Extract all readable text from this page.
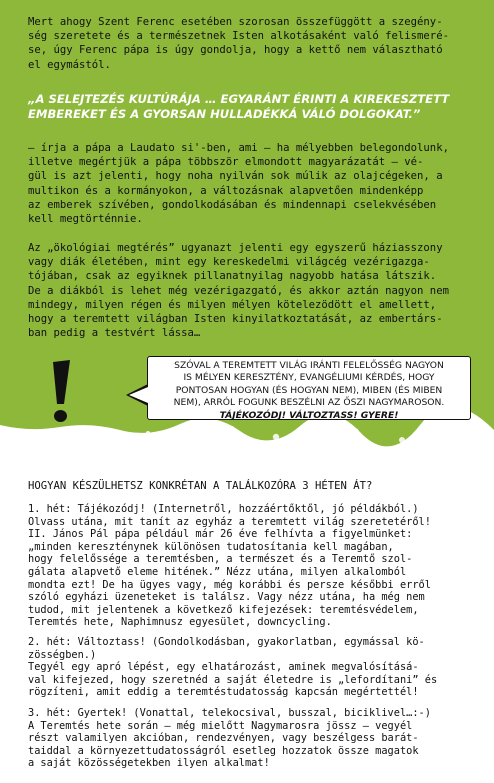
Mert ahogy Szent Ferenc esetében szorosan összefüggött a szegény-
ség szeretete és a természetnek Isten alkotásaként való felismeré-
se, úgy Ferenc pápa is úgy gondolja, hogy a kettő nem választható
el egymástól.

„A SELEJTEZÉS KULTÚRÁJA … EGYARÁNT ÉRINTI A KIREKESZTETT
EMBEREKET ÉS A GYORSAN HULLADÉKKÁ VÁLÓ DOLGOKAT.”

– írja a pápa a Laudato si'-ben, ami – ha mélyebben belegondolunk,
illetve megértjük a pápa többször elmondott magyarázatát – vé-
gül is azt jelenti, hogy noha nyilván sok múlik az olajcégeken, a
multikon és a kormányokon, a változásnak alapvetően mindenképp
az emberek szívében, gondolkodásában és mindennapi cselekvésében
kell megtörténnie.

Az „ökológiai megtérés” ugyanazt jelenti egy egyszerű háziasszony
vagy diák életében, mint egy kereskedelmi világcég vezérigazga-
tójában, csak az egyiknek pillanatnyilag nagyobb hatása látszik.
De a diákból is lehet még vezérigazgató, és akkor aztán nagyon nem
mindegy, milyen régen és milyen mélyen kötelezödött el amellett,
hogy a teremtett világban Isten kinyilatkoztatását, az embertárs-
ban pedig a testvért lássa…

SZÓVAL A TEREMTETT VILÁG IRÁNTI FELELŐSSÉG NAGYON
IS MÉLYEN KERESZTÉNY, EVANGÉLIUMI KÉRDÉS, HOGY
PONTOSAN HOGYAN (ÉS HOGYAN NEM), MIBEN (ÉS MIBEN
NEM), ARRÓL FOGUNK BESZÉLNI AZ ŐSZI NAGYMAROSON.
TÁJÉKOZÓDJ! VÁLTOZTASS! GYERE!

HOGYAN KÉSZÜLHETSZ KONKRÉTAN A TALÁLKOZÓRA 3 HÉTEN ÁT?

1. hét: Tájékozódj! (Internetről, hozzáértőktől, jó példákból.)
Olvass utána, mit tanít az egyház a teremtett világ szeretetéről!
II. János Pál pápa például már 26 éve felhívta a figyelmünket:
„minden kereszténynek különösen tudatosítania kell magában,
hogy felelőssége a teremtésben, a természet és a Teremtő szol-
gálata alapvető eleme hitének.” Nézz utána, milyen alkalomból
mondta ezt! De ha ügyes vagy, még korábbi és persze későbbi erről
szóló egyházi üzeneteket is találsz. Vagy nézz utána, ha még nem
tudod, mit jelentenek a következő kifejezések: teremtésvédelem,
Teremtés hete, Naphimnusz egyesület, downcycling.

2. hét: Változtass! (Gondolkodásban, gyakorlatban, egymással kö-
zösségben.)
Tegyél egy apró lépést, egy elhatározást, aminek megvalósításá-
val kifejezed, hogy szeretnéd a saját életedre is „lefordítani” és
rögzíteni, amit eddig a teremtéstudatosság kapcsán megértettél!

3. hét: Gyertek! (Vonattal, telekocsival, busszal, biciklivel…:-)
A Teremtés hete során – még mielőtt Nagymarosra jössz – vegyél
részt valamilyen akcióban, rendezvényen, vagy beszélgess barát-
taiddal a környezettudatosságról esetleg hozzatok össze magatok
a saját közösségetekben ilyen alkalmat!
